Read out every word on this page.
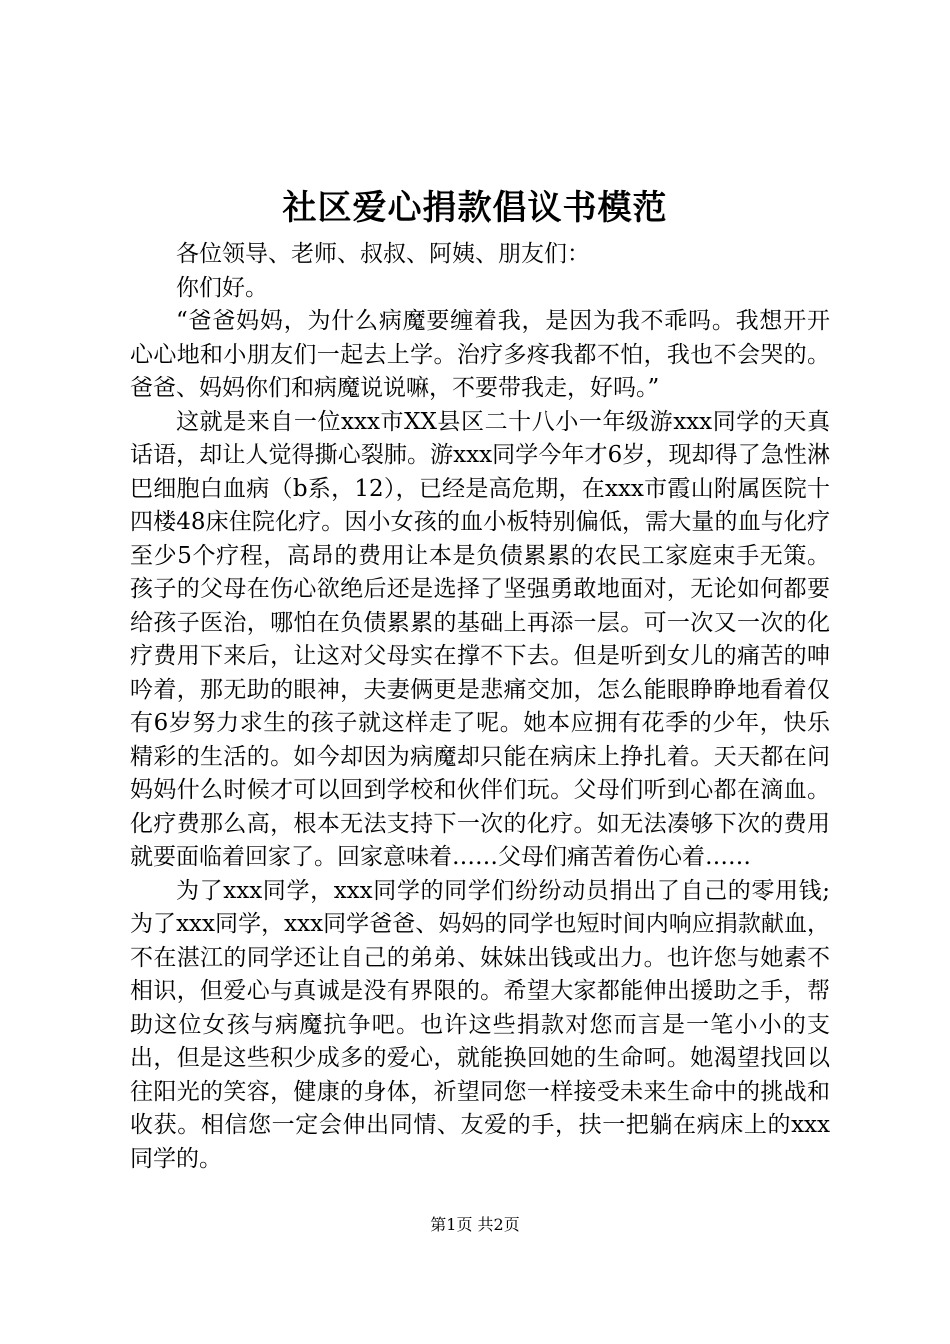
社区爱心捐款倡议书模范

各位领导、老师、叔叔、阿姨、朋友们：

你们好。

“爸爸妈妈，为什么病魔要缠着我，是因为我不乖吗。我想开开心心地和小朋友们一起去上学。治疗多疼我都不怕，我也不会哭的。爸爸、妈妈你们和病魔说说嘛，不要带我走，好吗。”

这就是来自一位xxx市XX县区二十八小一年级游xxx同学的天真话语，却让人觉得撕心裂肺。游xxx同学今年才6岁，现却得了急性淋巴细胞白血病（b系，12），已经是高危期，在xxx市霞山附属医院十四楼48床住院化疗。因小女孩的血小板特别偏低，需大量的血与化疗至少5个疗程，高昂的费用让本是负债累累的农民工家庭束手无策。孩子的父母在伤心欲绝后还是选择了坚强勇敢地面对，无论如何都要给孩子医治，哪怕在负债累累的基础上再添一层。可一次又一次的化疗费用下来后，让这对父母实在撑不下去。但是听到女儿的痛苦的呻吟着，那无助的眼神，夫妻俩更是悲痛交加，怎么能眼睁睁地看着仅有6岁努力求生的孩子就这样走了呢。她本应拥有花季的少年，快乐精彩的生活的。如今却因为病魔却只能在病床上挣扎着。天天都在问妈妈什么时候才可以回到学校和伙伴们玩。父母们听到心都在滴血。化疗费那么高，根本无法支持下一次的化疗。如无法凑够下次的费用就要面临着回家了。回家意味着……父母们痛苦着伤心着……

为了xxx同学，xxx同学的同学们纷纷动员捐出了自己的零用钱;为了xxx同学，xxx同学爸爸、妈妈的同学也短时间内响应捐款献血，不在湛江的同学还让自己的弟弟、妹妹出钱或出力。也许您与她素不相识，但爱心与真诚是没有界限的。希望大家都能伸出援助之手，帮助这位女孩与病魔抗争吧。也许这些捐款对您而言是一笔小小的支出，但是这些积少成多的爱心，就能换回她的生命呵。她渴望找回以往阳光的笑容，健康的身体，祈望同您一样接受未来生命中的挑战和收获。相信您一定会伸出同情、友爱的手，扶一把躺在病床上的xxx同学的。

第1页 共2页
